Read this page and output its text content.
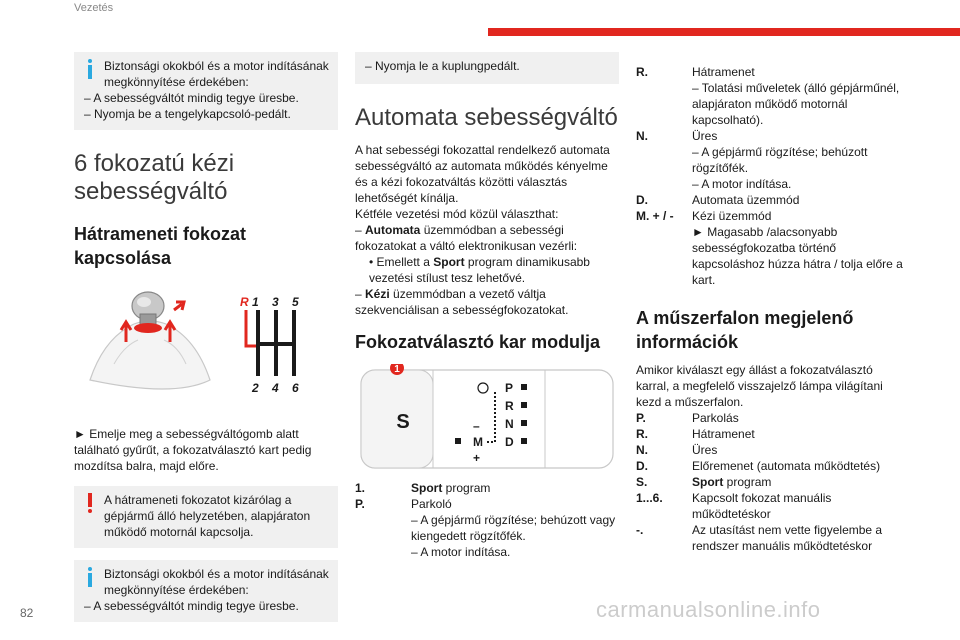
Vezetés

Biztonsági okokból és a motor indításának megkönnyítése érdekében:

– A sebességváltót mindig tegye üresbe.

– Nyomja be a tengelykapcsoló-pedált.

6 fokozatú kézi sebességváltó
Hátrameneti fokozat kapcsolása
R 1 3 5
2 4 6

► Emelje meg a sebességváltógomb alatt található gyűrűt, a fokozatválasztó kart pedig mozdítsa balra, majd előre.

A hátrameneti fokozatot kizárólag a gépjármű álló helyzetében, alapjáraton működő motornál kapcsolja.

Biztonsági okokból és a motor indításának megkönnyítése érdekében:

– A sebességváltót mindig tegye üresbe.

– Nyomja le a kuplungpedált.

Automata sebességváltó

A hat sebességi fokozattal rendelkező automata sebességváltó az automata működés kényelme és a kézi fokozatváltás közötti választás lehetőségét kínálja.

Kétféle vezetési mód közül választhat:

– Automata üzemmódban a sebességi fokozatokat a váltó elektronikusan vezérli:

• Emellett a Sport program dinamikusabb vezetési stílust tesz lehetővé.

– Kézi üzemmódban a vezető váltja szekvenciálisan a sebességfokozatokat.

Fokozatválasztó kar modulja
1
S
P
R
N
D
M
–
+
1.	Sport program
P.	Parkoló
– A gépjármű rögzítése; behúzott vagy kiengedett rögzítőfék.
– A motor indítása.
R.	Hátramenet
– Tolatási műveletek (álló gépjárműnél, alapjáraton működő motornál kapcsolható).
N.	Üres
– A gépjármű rögzítése; behúzott rögzítőfék.
– A motor indítása.
D.	Automata üzemmód
M. + / -	Kézi üzemmód
► Magasabb /alacsonyabb sebességfokozatba történő kapcsoláshoz húzza hátra / tolja előre a kart.
A műszerfalon megjelenő információk

Amikor kiválaszt egy állást a fokozatválasztó karral, a megfelelő visszajelző lámpa világítani kezd a műszerfalon.

P.	Parkolás
R.	Hátramenet
N.	Üres
D.	Előremenet (automata működtetés)
S.	Sport program
1...6.	Kapcsolt fokozat manuális működtetéskor
-.	Az utasítást nem vette figyelembe a rendszer manuális működtetéskor
82	carmanualsonline.info
